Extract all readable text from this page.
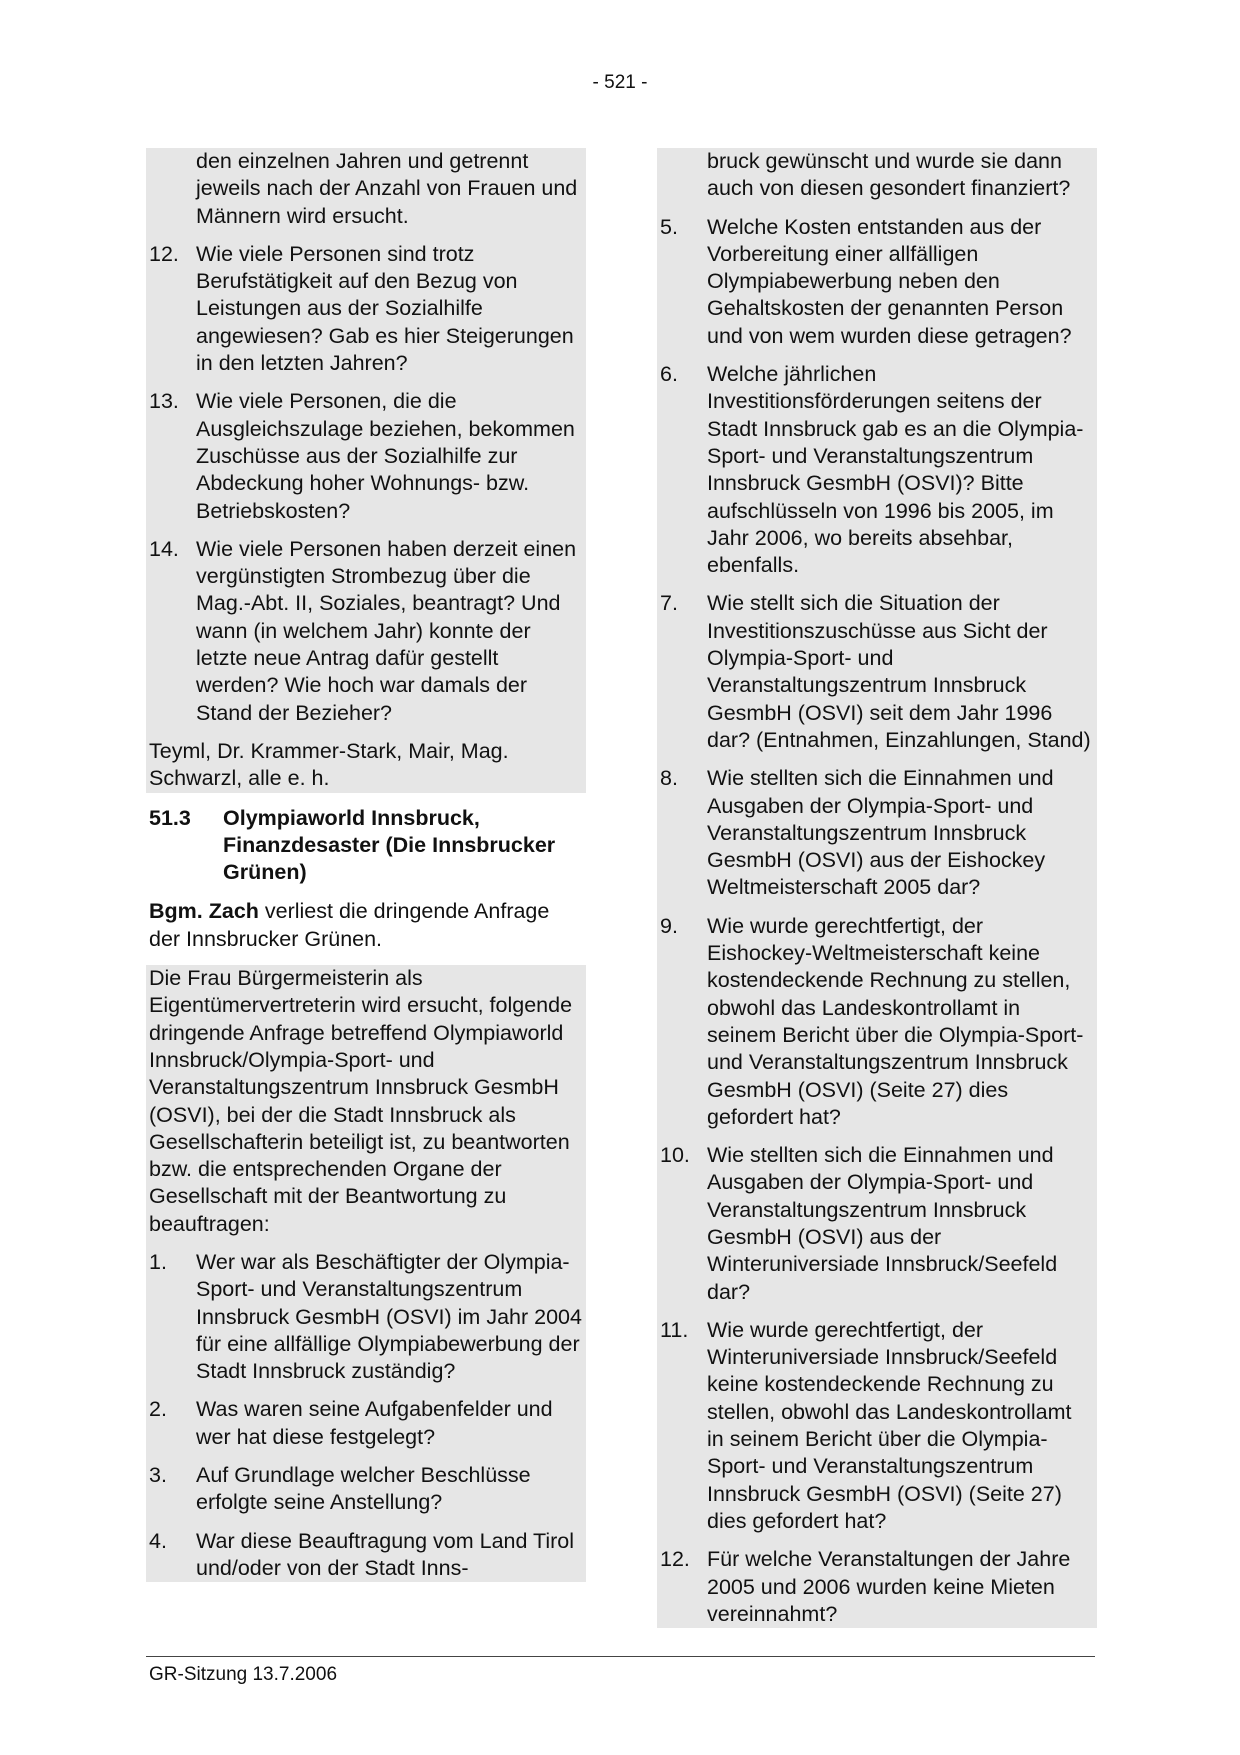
- 521 -
den einzelnen Jahren und getrennt jeweils nach der Anzahl von Frauen und Männern wird ersucht.
12. Wie viele Personen sind trotz Berufstätigkeit auf den Bezug von Leistungen aus der Sozialhilfe angewiesen? Gab es hier Steigerungen in den letzten Jahren?
13. Wie viele Personen, die die Ausgleichszulage beziehen, bekommen Zuschüsse aus der Sozialhilfe zur Abdeckung hoher Wohnungs- bzw. Betriebskosten?
14. Wie viele Personen haben derzeit einen vergünstigten Strombezug über die Mag.-Abt. II, Soziales, beantragt? Und wann (in welchem Jahr) konnte der letzte neue Antrag dafür gestellt werden? Wie hoch war damals der Stand der Bezieher?
Teyml, Dr. Krammer-Stark, Mair, Mag. Schwarzl, alle e. h.
51.3	Olympiaworld Innsbruck, Finanzdesaster (Die Innsbrucker Grünen)
Bgm. Zach verliest die dringende Anfrage der Innsbrucker Grünen.
Die Frau Bürgermeisterin als Eigentümervertreterin wird ersucht, folgende dringende Anfrage betreffend Olympiaworld Innsbruck/Olympia-Sport- und Veranstaltungszentrum Innsbruck GesmbH (OSVI), bei der die Stadt Innsbruck als Gesellschafterin beteiligt ist, zu beantworten bzw. die entsprechenden Organe der Gesellschaft mit der Beantwortung zu beauftragen:
1.	Wer war als Beschäftigter der Olympia-Sport- und Veranstaltungszentrum Innsbruck GesmbH (OSVI) im Jahr 2004 für eine allfällige Olympiabewerbung der Stadt Innsbruck zuständig?
2.	Was waren seine Aufgabenfelder und wer hat diese festgelegt?
3.	Auf Grundlage welcher Beschlüsse erfolgte seine Anstellung?
4.	War diese Beauftragung vom Land Tirol und/oder von der Stadt Inns-
bruck gewünscht und wurde sie dann auch von diesen gesondert finanziert?
5.	Welche Kosten entstanden aus der Vorbereitung einer allfälligen Olympiabewerbung neben den Gehaltskosten der genannten Person und von wem wurden diese getragen?
6.	Welche jährlichen Investitionsförderungen seitens der Stadt Innsbruck gab es an die Olympia-Sport- und Veranstaltungszentrum Innsbruck GesmbH (OSVI)? Bitte aufschlüsseln von 1996 bis 2005, im Jahr 2006, wo bereits absehbar, ebenfalls.
7.	Wie stellt sich die Situation der Investitionszuschüsse aus Sicht der Olympia-Sport- und Veranstaltungszentrum Innsbruck GesmbH (OSVI) seit dem Jahr 1996 dar? (Entnahmen, Einzahlungen, Stand)
8.	Wie stellten sich die Einnahmen und Ausgaben der Olympia-Sport- und Veranstaltungszentrum Innsbruck GesmbH (OSVI) aus der Eishockey Weltmeisterschaft 2005 dar?
9.	Wie wurde gerechtfertigt, der Eishockey-Weltmeisterschaft keine kostendeckende Rechnung zu stellen, obwohl das Landeskontrollamt in seinem Bericht über die Olympia-Sport- und Veranstaltungszentrum Innsbruck GesmbH (OSVI) (Seite 27) dies gefordert hat?
10. Wie stellten sich die Einnahmen und Ausgaben der Olympia-Sport- und Veranstaltungszentrum Innsbruck GesmbH (OSVI) aus der Winteruniversiade Innsbruck/Seefeld dar?
11. Wie wurde gerechtfertigt, der Winteruniversiade Innsbruck/Seefeld keine kostendeckende Rechnung zu stellen, obwohl das Landeskontrollamt in seinem Bericht über die Olympia-Sport- und Veranstaltungszentrum Innsbruck GesmbH (OSVI) (Seite 27) dies gefordert hat?
12. Für welche Veranstaltungen der Jahre 2005 und 2006 wurden keine Mieten vereinnahmt?
GR-Sitzung 13.7.2006
